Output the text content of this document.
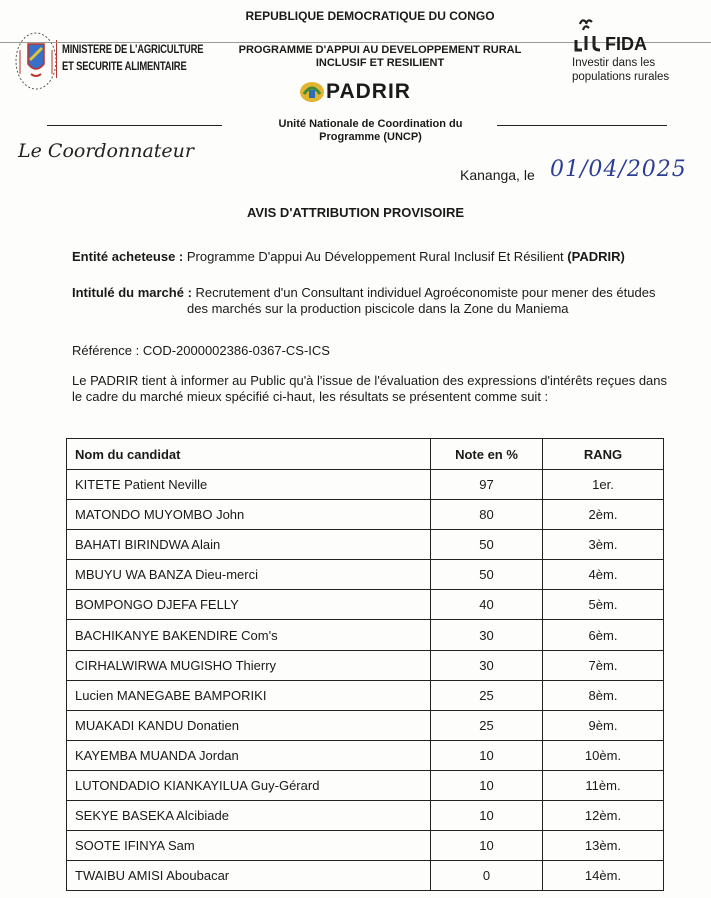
MINISTERE DE L'AGRICULTURE
ET SECURITE ALIMENTAIRE
REPUBLIQUE DEMOCRATIQUE DU CONGO
PROGRAMME D'APPUI AU DEVELOPPEMENT RURAL
INCLUSIF ET RESILIENT
PADRIR
Unité Nationale de Coordination du
Programme (UNCP)
FIDA
Investir dans les
populations rurales
Le Coordonnateur
Kananga, le 01/04/2025
AVIS D'ATTRIBUTION PROVISOIRE
Entité acheteuse : Programme D'appui Au Développement Rural Inclusif Et Résilient (PADRIR)
Intitulé du marché : Recrutement d'un Consultant individuel Agroéconomiste pour mener des études
des marchés sur la production piscicole dans la Zone du Maniema
Référence : COD-2000002386-0367-CS-ICS
Le PADRIR tient à informer au Public qu'à l'issue de l'évaluation des expressions d'intérêts reçues dans
le cadre du marché mieux spécifié ci-haut, les résultats se présentent comme suit :
Nom du candidat	Note en %	RANG
KITETE Patient Neville	97	1er.
MATONDO MUYOMBO John	80	2èm.
BAHATI BIRINDWA Alain	50	3èm.
MBUYU WA BANZA Dieu-merci	50	4èm.
BOMPONGO DJEFA FELLY	40	5èm.
BACHIKANYE BAKENDIRE Com's	30	6èm.
CIRHALWIRWA MUGISHO Thierry	30	7èm.
Lucien MANEGABE BAMPORIKI	25	8èm.
MUAKADI KANDU Donatien	25	9èm.
KAYEMBA MUANDA Jordan	10	10èm.
LUTONDADIO KIANKAYILUA Guy-Gérard	10	11èm.
SEKYE BASEKA Alcibiade	10	12èm.
SOOTE IFINYA Sam	10	13èm.
TWAIBU AMISI Aboubacar	0	14èm.
